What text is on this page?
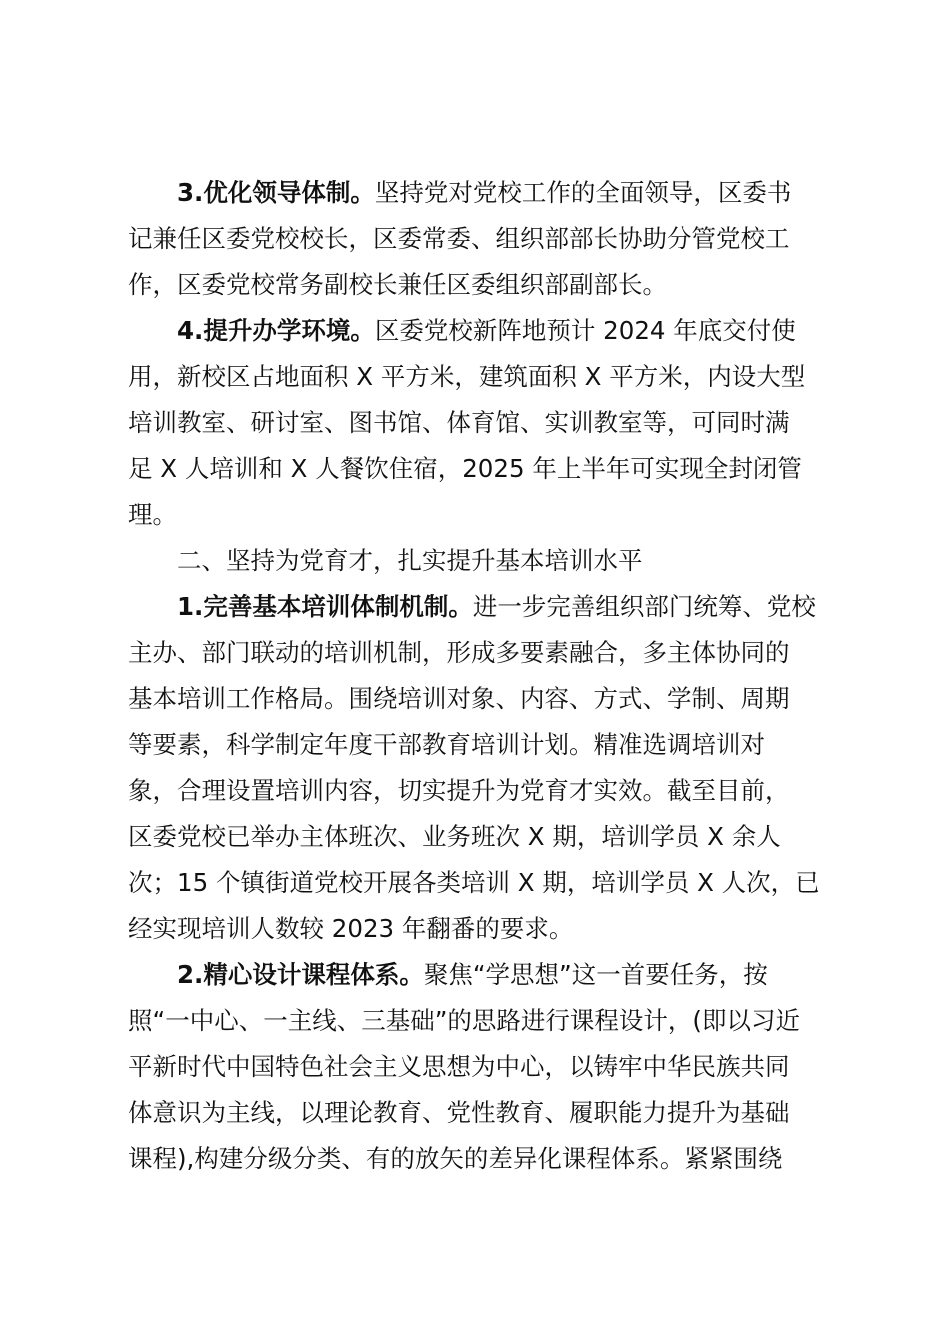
3.优化领导体制。坚持党对党校工作的全面领导，区委书
记兼任区委党校校长，区委常委、组织部部长协助分管党校工
作，区委党校常务副校长兼任区委组织部副部长。
4.提升办学环境。区委党校新阵地预计 2024 年底交付使
用，新校区占地面积 X 平方米，建筑面积 X 平方米，内设大型
培训教室、研讨室、图书馆、体育馆、实训教室等，可同时满
足 X 人培训和 X 人餐饮住宿，2025 年上半年可实现全封闭管
理。
二、坚持为党育才，扎实提升基本培训水平
1.完善基本培训体制机制。进一步完善组织部门统筹、党校
主办、部门联动的培训机制，形成多要素融合，多主体协同的
基本培训工作格局。围绕培训对象、内容、方式、学制、周期
等要素，科学制定年度干部教育培训计划。精准选调培训对
象，合理设置培训内容，切实提升为党育才实效。截至目前，
区委党校已举办主体班次、业务班次 X 期，培训学员 X 余人
次；15 个镇街道党校开展各类培训 X 期，培训学员 X 人次，已
经实现培训人数较 2023 年翻番的要求。
2.精心设计课程体系。聚焦“学思想”这一首要任务，按
照“一中心、一主线、三基础”的思路进行课程设计，(即以习近
平新时代中国特色社会主义思想为中心，以铸牢中华民族共同
体意识为主线，以理论教育、党性教育、履职能力提升为基础
课程),构建分级分类、有的放矢的差异化课程体系。紧紧围绕
